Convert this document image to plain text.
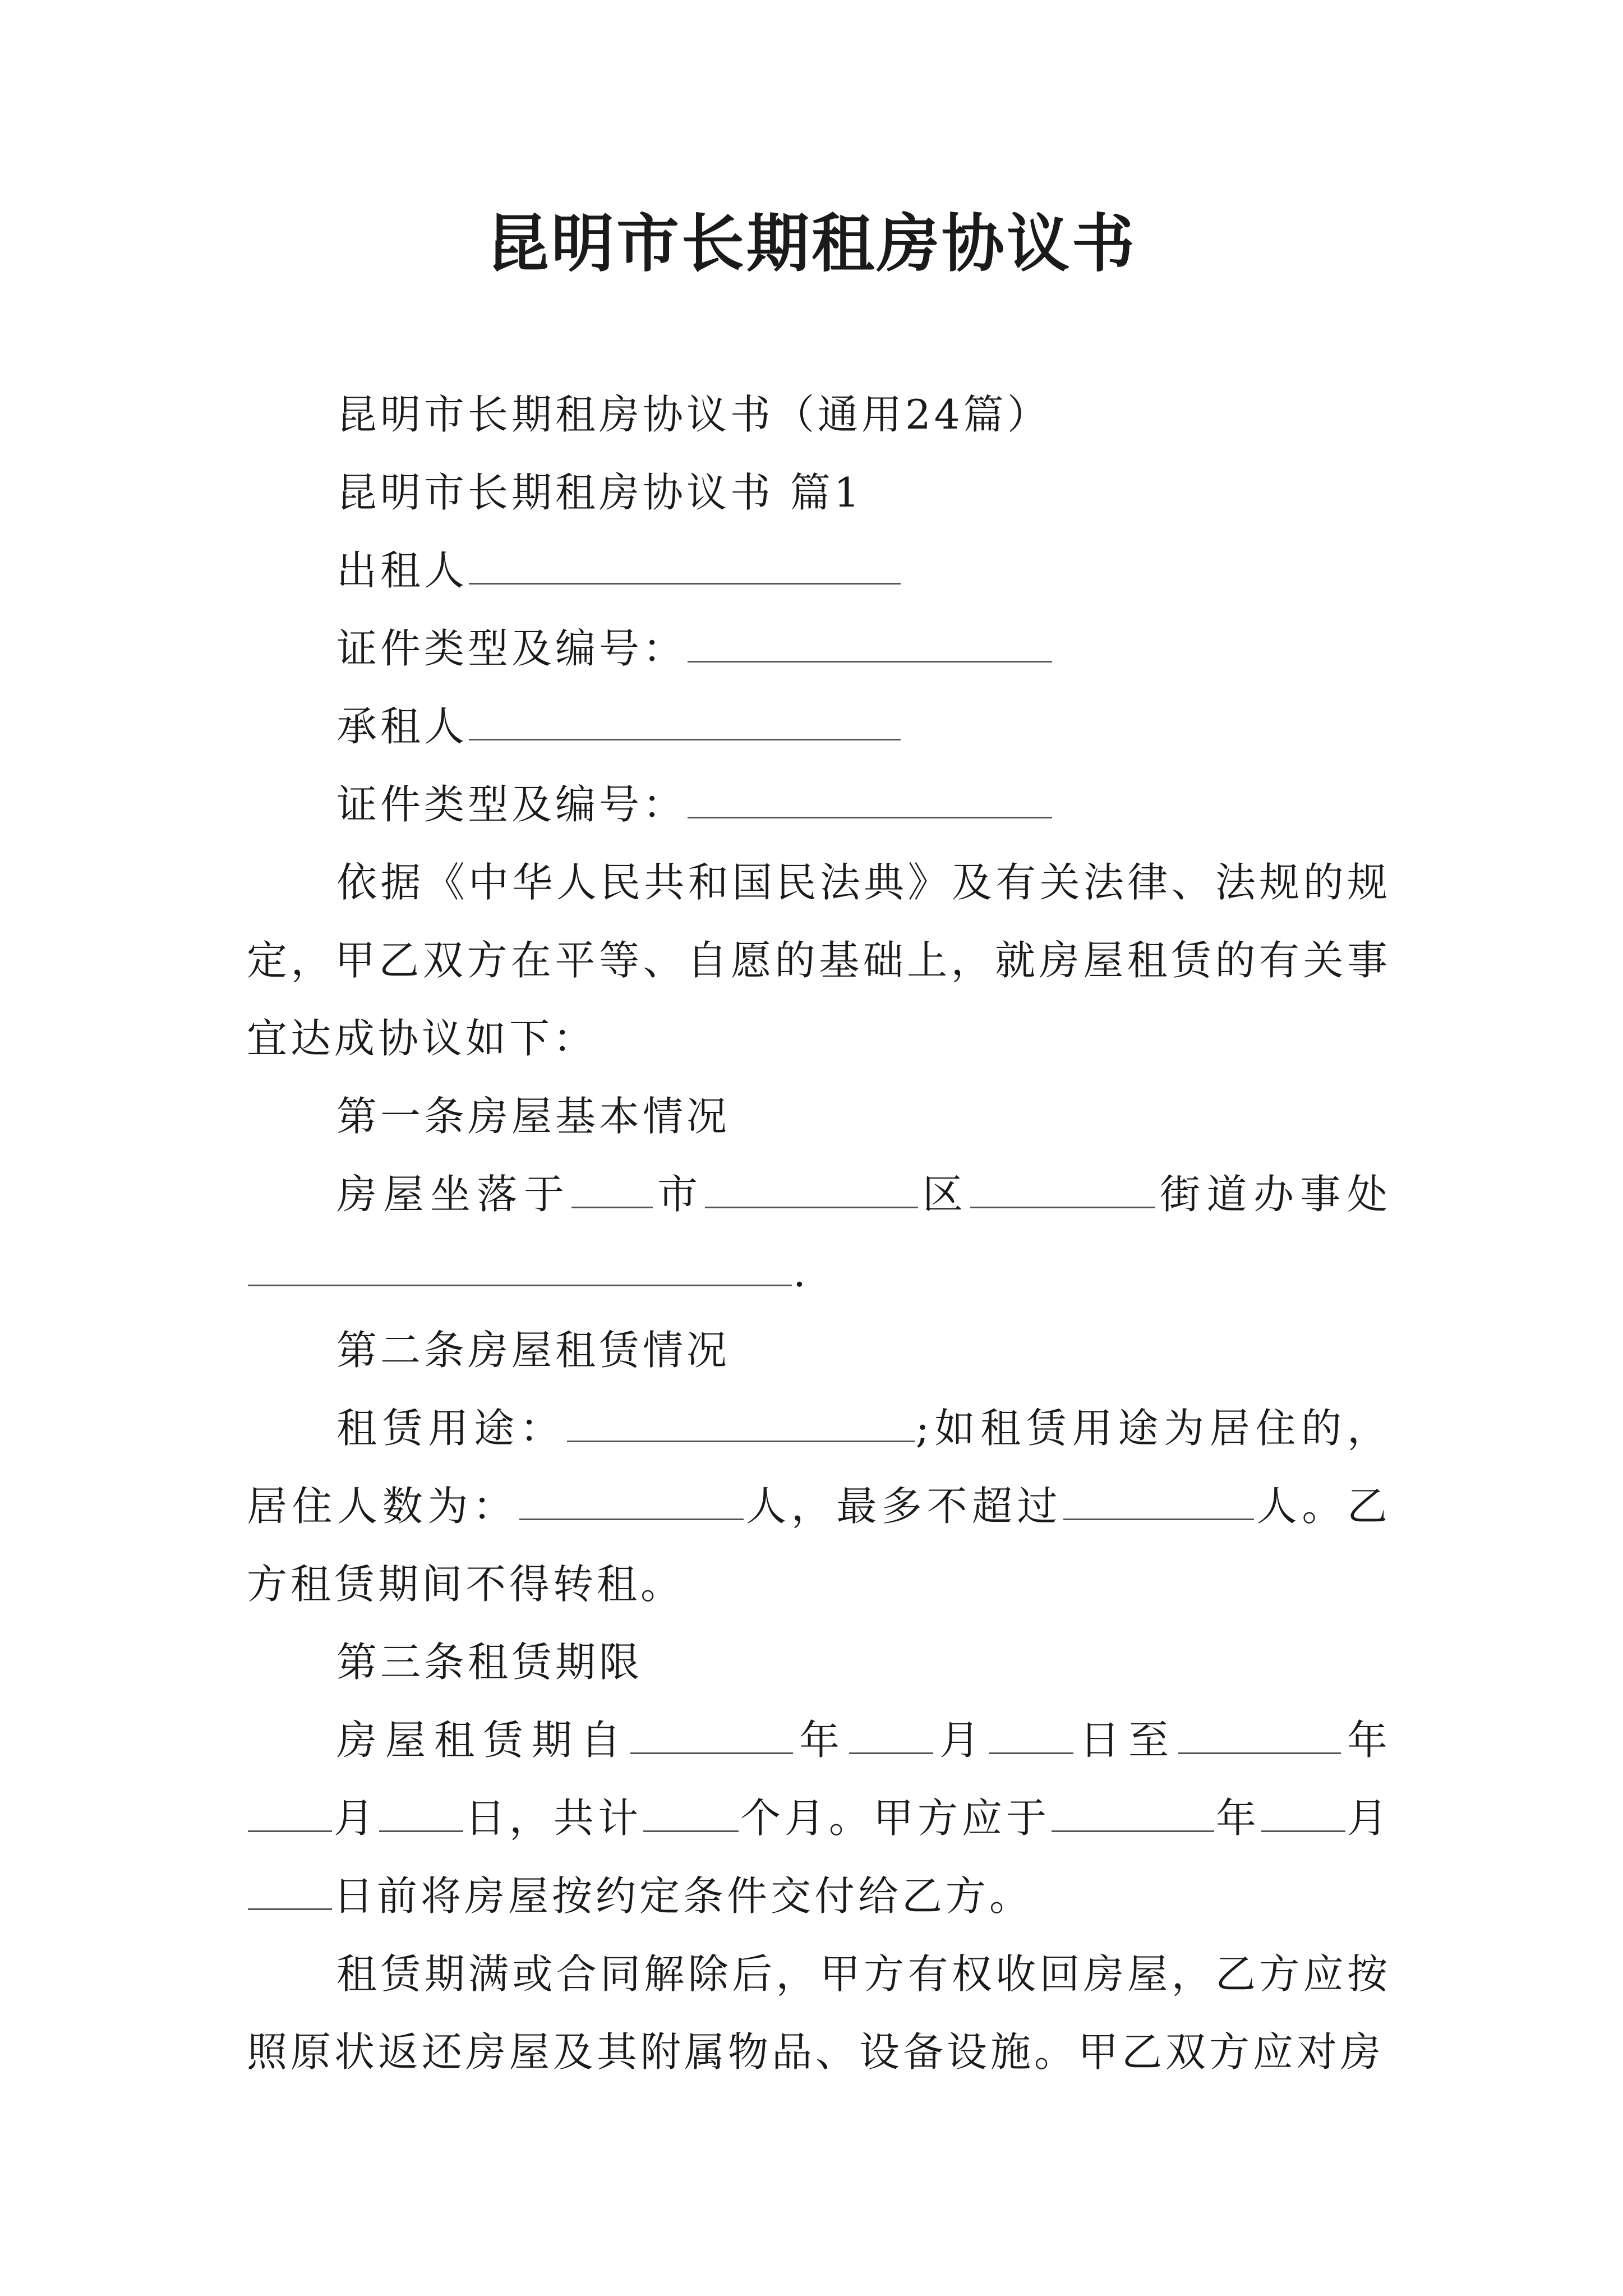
昆明市长期租房协议书

昆明市长期租房协议书（通用24篇）

昆明市长期租房协议书 篇1

出租人

证件类型及编号：

承租人

证件类型及编号：

依据《中华人民共和国民法典》及有关法律、法规的规定，甲乙双方在平等、自愿的基础上，就房屋租赁的有关事宜达成协议如下：

第一条房屋基本情况

房屋坐落于 市	区	街道办事处.

第二条房屋租赁情况

租赁用途：	;如租赁用途为居住的，居住人数为：	人，最多不超过	人。乙方租赁期间不得转租。

第三条租赁期限

房屋租赁期自	年 月 日至	年月 日，共计 个月。甲方应于	年 月日前将房屋按约定条件交付给乙方。

租赁期满或合同解除后，甲方有权收回房屋，乙方应按照原状返还房屋及其附属物品、设备设施。甲乙双方应对房
